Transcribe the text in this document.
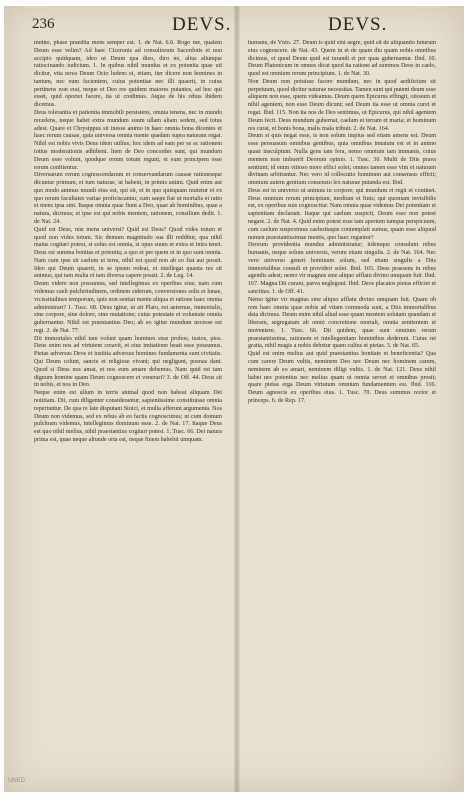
236	DEVS.	DEVS.

mnino, phase praedita mens semper est. 1. de Nat. 6.6. Rogo me, qualem Deum esse velim? Ad haec Ciceronis ad consultorum Sacerdotis et non accipio quidquam, ideo ut Deum qua dieo, diro ne, alius aliunque ratiocinando iudicium. 1. In quibus nihil mundus et ex potentia quae uti dicitur, vita nova Deum Ocio ludens ei, etiam, iter dicere non homines in tantum, nec eum facientem, cuius potentiae nec illi quaerit, in cuius pertinens non erat, neque et Deo res quidem maiores putantes, ad hoc qui esset, quid oportet facere, ita ut credimus. Atque de his rebus ibidem dicemus.

Deus tolerantia et patientia immobili persistens, omnia tenens, nec in mundo recedens, neque habet extra mundum suum ullam aliam sedem, sed totus adest. Quare et Chrysippus sit inesse animo in haec omnia bona dicentes et haec rerum causae, quia universa omnia mente quadam supra naturam regat. Nihil est nobis vivis Deus idem utilius; hoc idem ad eam per se ac rationem totius moderationis adhibent. ltem de Deo concordes sunt, qui mundum Deum esse volunt, quodque rerum totum regunt, et eum principem esse rerum confitentur.

Diversarum rerum cognoscendarum et conservandarum causae rationesque dicuntur primum, et tum naturae, ut habent, in primis animi. Quid enim aut quo modo animus mundi eius est, qui sit, et in quo quisquam mutetur et ex quo rerum facultates variae proficiscantur, cum saepe fiat ut mortalis et ratio et mens ipsa sint. Itaque omnia quae fiunt a Deo, quae ab hominibus, quae a natura, dicimus; et ipse est qui nobis mentem, rationem, consilium dedit. 1. de Nat. 24.

Quid est Deus, nisi mens universi? Quid est Deus? Quod vides totum et quod non vides totum. Sic demum magnitudo sua illi redditur, qua nihil maius cogitari potest, si solus est omnia, si opus suum et extra et intra tenet. Deus est summa bonitas et potentia; a quo et per quem et in quo sunt omnia. Nam cum ipse sit caelum et terra, nihil est quod non ab eo fiat aut possit. Ideo qui Deum quaerit, in se ipsum redeat, et intellegat quanta res sit animus, qui tam multa et tam diversa capere possit. 2. de Leg. 14.

Deum videre non possumus, sed intellegimus ex operibus eius; nam cum videmus caeli pulchritudinem, ordinem siderum, conversiones solis et lunae, vicissitudines temporum, quis non sentiat mente aliqua et ratione haec omnia administrari? 1. Tusc. 68. Deus igitur, ut ait Plato, est aeternus, immortalis, sine corpore, sine dolore, sine mutatione; cuius potestate et voluntate omnia gubernantur. Nihil est praestantius Deo; ab eo igitur mundum necesse est regi. 2. de Nat. 77.

Dii immortales nihil tam volunt quam homines esse probos, iustos, pios. Deus enim nos ad virtutem creavit, et eius imitatione beati esse possumus. Pietas adversus Deos et iustitia adversus homines fundamenta sunt civitatis. Qui Deum colunt, sancte et religiose vivant; qui negligunt, poenas dant. Quod si Deus nos amat, et nos eum amare debemus. Nam quid est tam dignum homine quam Deum cognoscere et venerari? 3. de Off. 44. Deus sit in nobis, et nos in Deo.

Neque enim est ullum in terris animal quod non habeat aliquam Dei notitiam. Dii, cum diligenter considerantur, sapientissime constituisse omnia reperiuntur. De qua re late disputant Stoici, et multa afferunt argumenta. Nos Deum non videmus, sed ex rebus ab eo factis cognoscimus; ut cum domum pulchram videmus, intellegimus dominum esse. 2. de Nat. 17. Itaque Deus est quo nihil melius, nihil praestantius cogitari potest. 1. Tusc. 66. Dei natura prima est, quae neque aliunde orta est, neque finem habebit umquam.

humane, de Vnio. 27. Deum is quid sint aegre, quid sit de aliquando futurum eius cognoscere. de Nat. 43. Quem in et de quam diu quam nobis omnibus dicimus, et quod Deum quid est iurandi et per quas gubernantur. Ibid. 10. Deum Platonicum in omnes dicat quod ita ratione ad summos Deos in caelo, quod est omnium rerum principium. 1. de Nat. 30.

Non Deum non potuisse facere mundum, nec in quod aedificium sit perpetuum, quod dicitur naturae necessitas. Tamen sunt qui putent deum esse aliquem non esse, quem videamus. Deum quem Epicurus effingit, otiosum et nihil agentem, non esse Deum dicunt; sed Deum ita esse ut omnia curet et regat. Ibid. 115. Non ita nos de Deo sentimus, ut Epicurus, qui nihil agentem Deum fecit. Deus mundum gubernat, caelum et terram et maria; et hominum res curat, et bonis bona, malis mala tribuit. 2. de Nat. 164.

Deum si quis negat esse, is non solum impius sed etiam amens est. Deum esse persuasum omnibus gentibus, quia omnibus innatum est et in animo quasi insculptum. Nulla gens tam fera, nemo omnium tam immanis, cuius mentem non imbuerit Deorum opinio. 1. Tusc. 30. Multi de Diis prava sentiunt; id enim vitioso more effici solet; omnes tamen esse vim et naturam divinam arbitrantur. Nec vero id collocutio hominum aut consensus efficit; omnium autem gentium consensio lex naturae putanda est. Ibid.

Deus est in universo ut animus in corpore; qui mundum et regit et continet. Deus omnium rerum principium, medium et finis; qui quoniam invisibilis est, ex operibus suis cognoscitur. Nam omnia quae videmus Dei potentiam et sapientiam declarant. Itaque qui caelum suspicit, Deum esse non potest negare. 2. de Nat. 4. Quid enim potest esse tam apertum tamque perspicuum, cum caelum suspeximus caelestiaque contemplati sumus, quam esse aliquod numen praestantissimae mentis, quo haec regantur?

Deorum providentia mundus administratur; iidemque consulunt rebus humanis, neque solum universis, verum etiam singulis. 2. de Nat. 164. Nec vero universo generi hominum solum, sed etiam singulis a Diis immortalibus consuli et provideri solet. Ibid. 165. Deus praesens in rebus agendis adest; nemo vir magnus sine aliquo afflatu divino umquam fuit. Ibid. 167. Magna Dii curant, parva neglegunt. Ibid. Deos placatos pietas efficiet et sanctitas. 1. de Off. 41.

Nemo igitur vir magnus sine aliquo afflatu divino umquam fuit. Quam ob rem haec omnia quae nobis ad vitam commoda sunt, a Diis immortalibus data dicimus. Deum enim nihil aliud esse quam mentem solutam quandam et liberam, segregatam ab omni concretione mortali, omnia sentientem et moventem. 1. Tusc. 66. Dii quidem, quae sunt omnium rerum praestantissima, rationem et intellegentiam hominibus dederunt. Cuius rei gratia, nihil magis a nobis debetur quam cultus et pietas. 3. de Nat. 65.

Quid est enim melius aut quid praestantius bonitate et beneficentia? Qua cum carere Deum vultis, neminem Deo nec Deum nec hominem carum, neminem ab eo amari, neminem diligi vultis. 1. de Nat. 121. Deus nihil habet nec potentius nec melius quam ut omnia servet et omnibus prosit; quare pietas erga Deum virtutum omnium fundamentum est. Ibid. 116. Deum agnoscis ex operibus eius. 1. Tusc. 70. Deus summus rector et princeps. 6. de Rep. 17.

UNED
